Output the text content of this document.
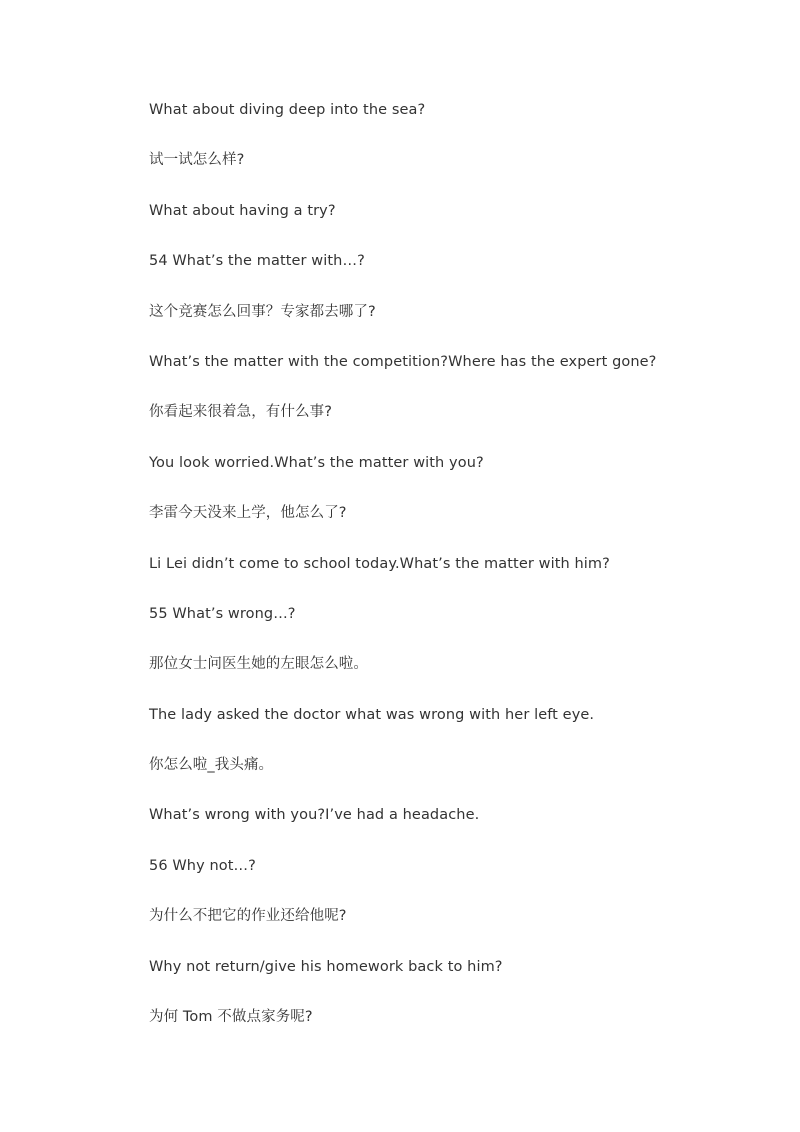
What about diving deep into the sea?
试一试怎么样?
What about having a try?
54 What’s the matter with…?
这个竞赛怎么回事？专家都去哪了?
What’s the matter with the competition?Where has the expert gone?
你看起来很着急，有什么事?
You look worried.What’s the matter with you?
李雷今天没来上学，他怎么了?
Li Lei didn’t come to school today.What’s the matter with him?
55 What’s wrong…?
那位女士问医生她的左眼怎么啦。
The lady asked the doctor what was wrong with her left eye.
你怎么啦_我头痛。
What’s wrong with you?I’ve had a headache.
56 Why not…?
为什么不把它的作业还给他呢?
Why not return/give his homework back to him?
为何 Tom 不做点家务呢?
